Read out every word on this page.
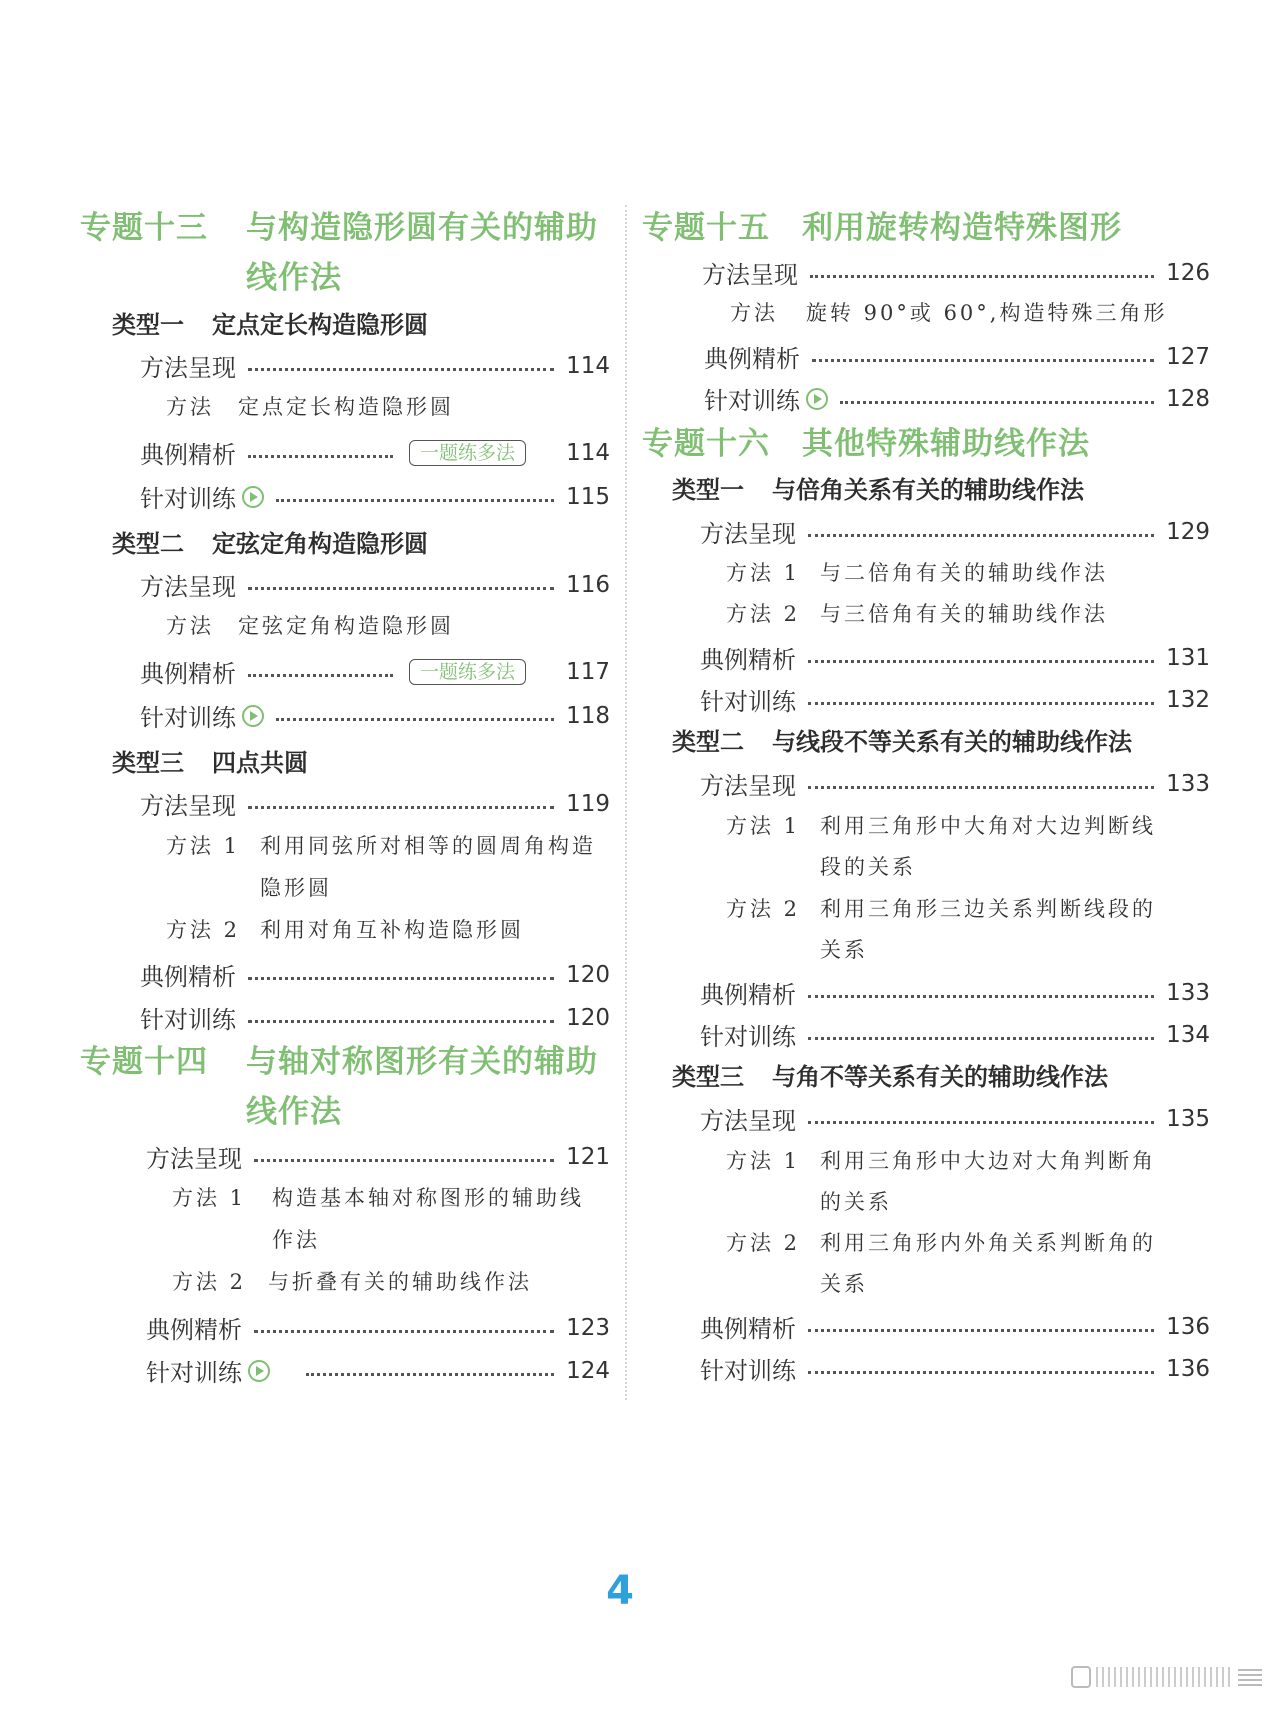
专题十三 与构造隐形圆有关的辅助
线作法
类型一 定点定长构造隐形圆
方法呈现	114
方法 定点定长构造隐形圆
典例精析	一题练多法	114
针对训练	115
类型二 定弦定角构造隐形圆
方法呈现	116
方法 定弦定角构造隐形圆
典例精析	一题练多法	117
针对训练	118
类型三 四点共圆
方法呈现	119
方法 1 利用同弦所对相等的圆周角构造
隐形圆
方法 2 利用对角互补构造隐形圆
典例精析	120
针对训练	120
专题十四 与轴对称图形有关的辅助
线作法
方法呈现	121
方法 1 构造基本轴对称图形的辅助线
作法
方法 2 与折叠有关的辅助线作法
典例精析	123
针对训练	124
专题十五 利用旋转构造特殊图形
方法呈现	126
方法 旋转 90°或 60°,构造特殊三角形
典例精析	127
针对训练	128
专题十六 其他特殊辅助线作法
类型一 与倍角关系有关的辅助线作法
方法呈现	129
方法 1 与二倍角有关的辅助线作法
方法 2 与三倍角有关的辅助线作法
典例精析	131
针对训练	132
类型二 与线段不等关系有关的辅助线作法
方法呈现	133
方法 1 利用三角形中大角对大边判断线
段的关系
方法 2 利用三角形三边关系判断线段的
关系
典例精析	133
针对训练	134
类型三 与角不等关系有关的辅助线作法
方法呈现	135
方法 1 利用三角形中大边对大角判断角
的关系
方法 2 利用三角形内外角关系判断角的
关系
典例精析	136
针对训练	136
4
